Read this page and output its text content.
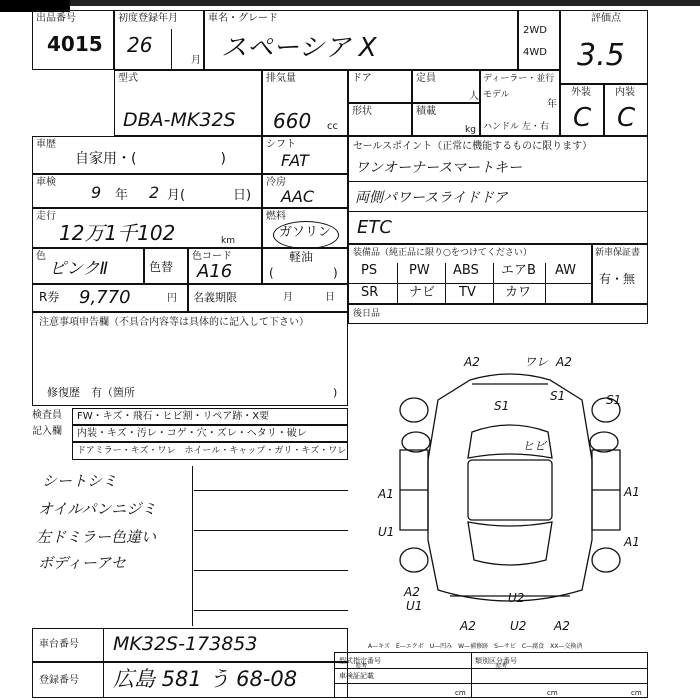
出品番号
4015
初度登録年月
26
月
車名・グレード
スペーシア X
2WD
4WD
評価点
3.5
型式
DBA-MK32S
排気量
660 cc
ドア	定員
人
ディーラー・並行
モデル
年
ハンドル 左・右
形状	積載
kg
外装
C
内装
C
車歴
自家用・(　　　　　　)
シフト
FAT
車検
9 年 2 月(	日)
冷房
AAC
走行
12万1千102	km
燃料
ガソリン
色
ピンクⅡ	色替
色コード
A16
軽油
(	)
R券 9,770	円 名義期限	月	日
注意事項申告欄（不具合内容等は具体的に記入して下さい）
修復歴　有（箇所	)
検査員
記入欄
FW・キズ・飛石・ヒビ割・リペア跡・X要
内装・キズ・汚レ・コゲ・穴・ズレ・ヘタリ・破レ
ドアミラー・キズ・ワレ　ホイール・キャップ・ガリ・キズ・ワレ
シートシミ
オイルパンニジミ
左ドミラー色違い
ボディーアセ
セールスポイント（正常に機能するものに限ります）
ワンオーナースマートキー
両側パワースライドドア
ETC
装備品（純正品に限り○をつけてください）
PS PW ABS エアB AW
SR ナビ TV カワ
新車保証書
有・無
後日品
A2	ワレ A2
S1
S1	S1
ヒビ
A1	A1
U1
A1
A2
U1
U2
A2	U2 A2
A—キズ　E—エクボ　U—凹み　W—補修跡　S—サビ　C—腐食　XX—交換済
車台番号 MK32S-173853
登録番号 広島 581 う 68-08
型式指定番号
参考
類別区分番号
参考
車検証記載
cm	cm	cm
